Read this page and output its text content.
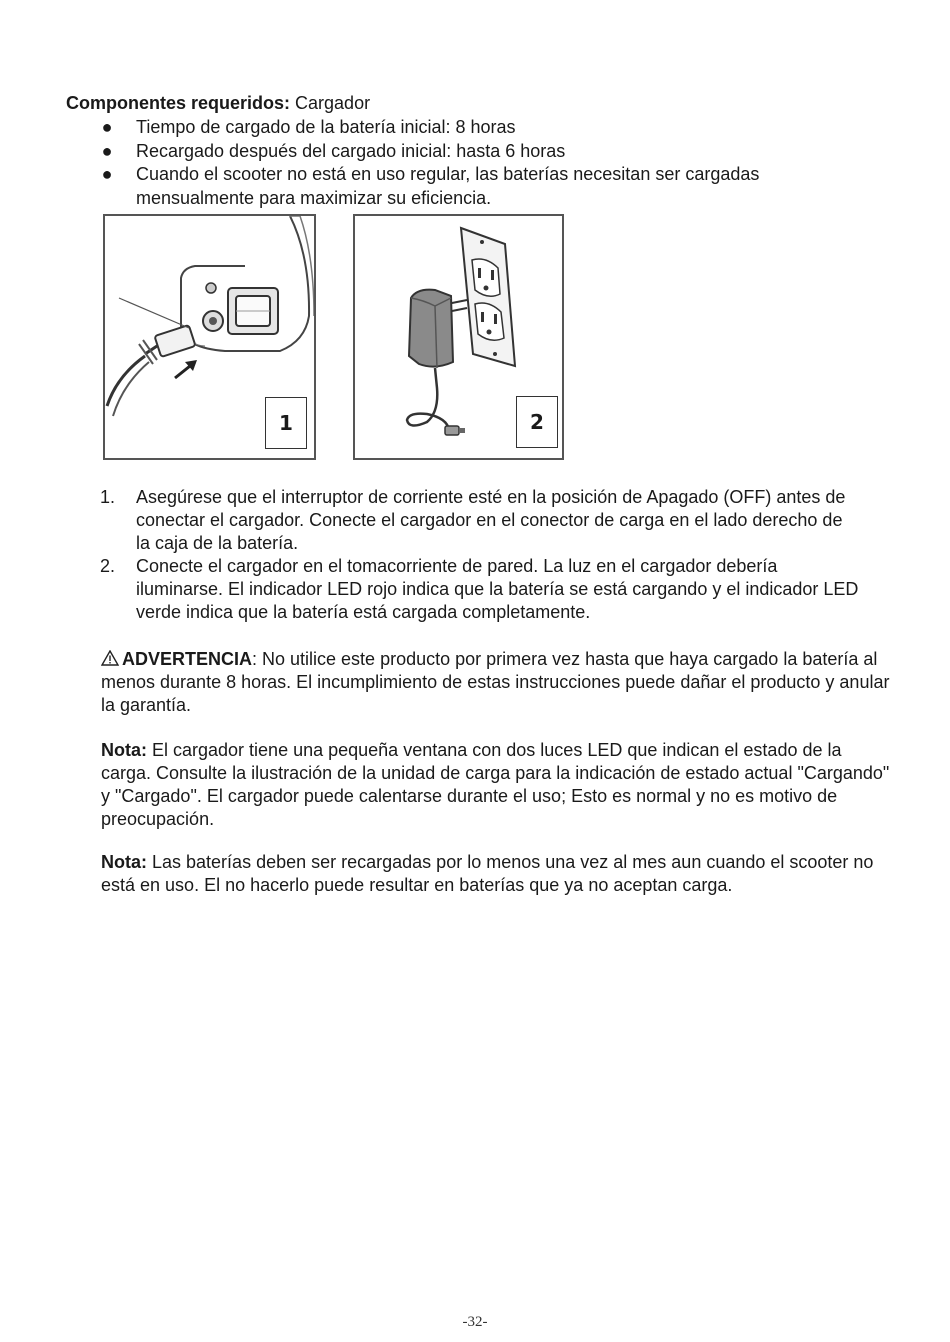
Componentes requeridos: Cargador
● Tiempo de cargado de la batería inicial: 8 horas
● Recargado después del cargado inicial: hasta 6 horas
● Cuando el scooter no está en uso regular, las baterías necesitan ser cargadas mensualmente para maximizar su eficiencia.
1	2
1. Asegúrese que el interruptor de corriente esté en la posición de Apagado (OFF) antes de conectar el cargador. Conecte el cargador en el conector de carga en el lado derecho de la caja de la batería.
2. Conecte el cargador en el tomacorriente de pared. La luz en el cargador debería iluminarse. El indicador LED rojo indica que la batería se está cargando y el indicador LED verde indica que la batería está cargada completamente.

ADVERTENCIA: No utilice este producto por primera vez hasta que haya cargado la batería al menos durante 8 horas. El incumplimiento de estas instrucciones puede dañar el producto y anular la garantía.

Nota: El cargador tiene una pequeña ventana con dos luces LED que indican el estado de la carga. Consulte la ilustración de la unidad de carga para la indicación de estado actual "Cargando" y "Cargado". El cargador puede calentarse durante el uso; Esto es normal y no es motivo de preocupación.

Nota: Las baterías deben ser recargadas por lo menos una vez al mes aun cuando el scooter no está en uso. El no hacerlo puede resultar en baterías que ya no aceptan carga.

-32-
